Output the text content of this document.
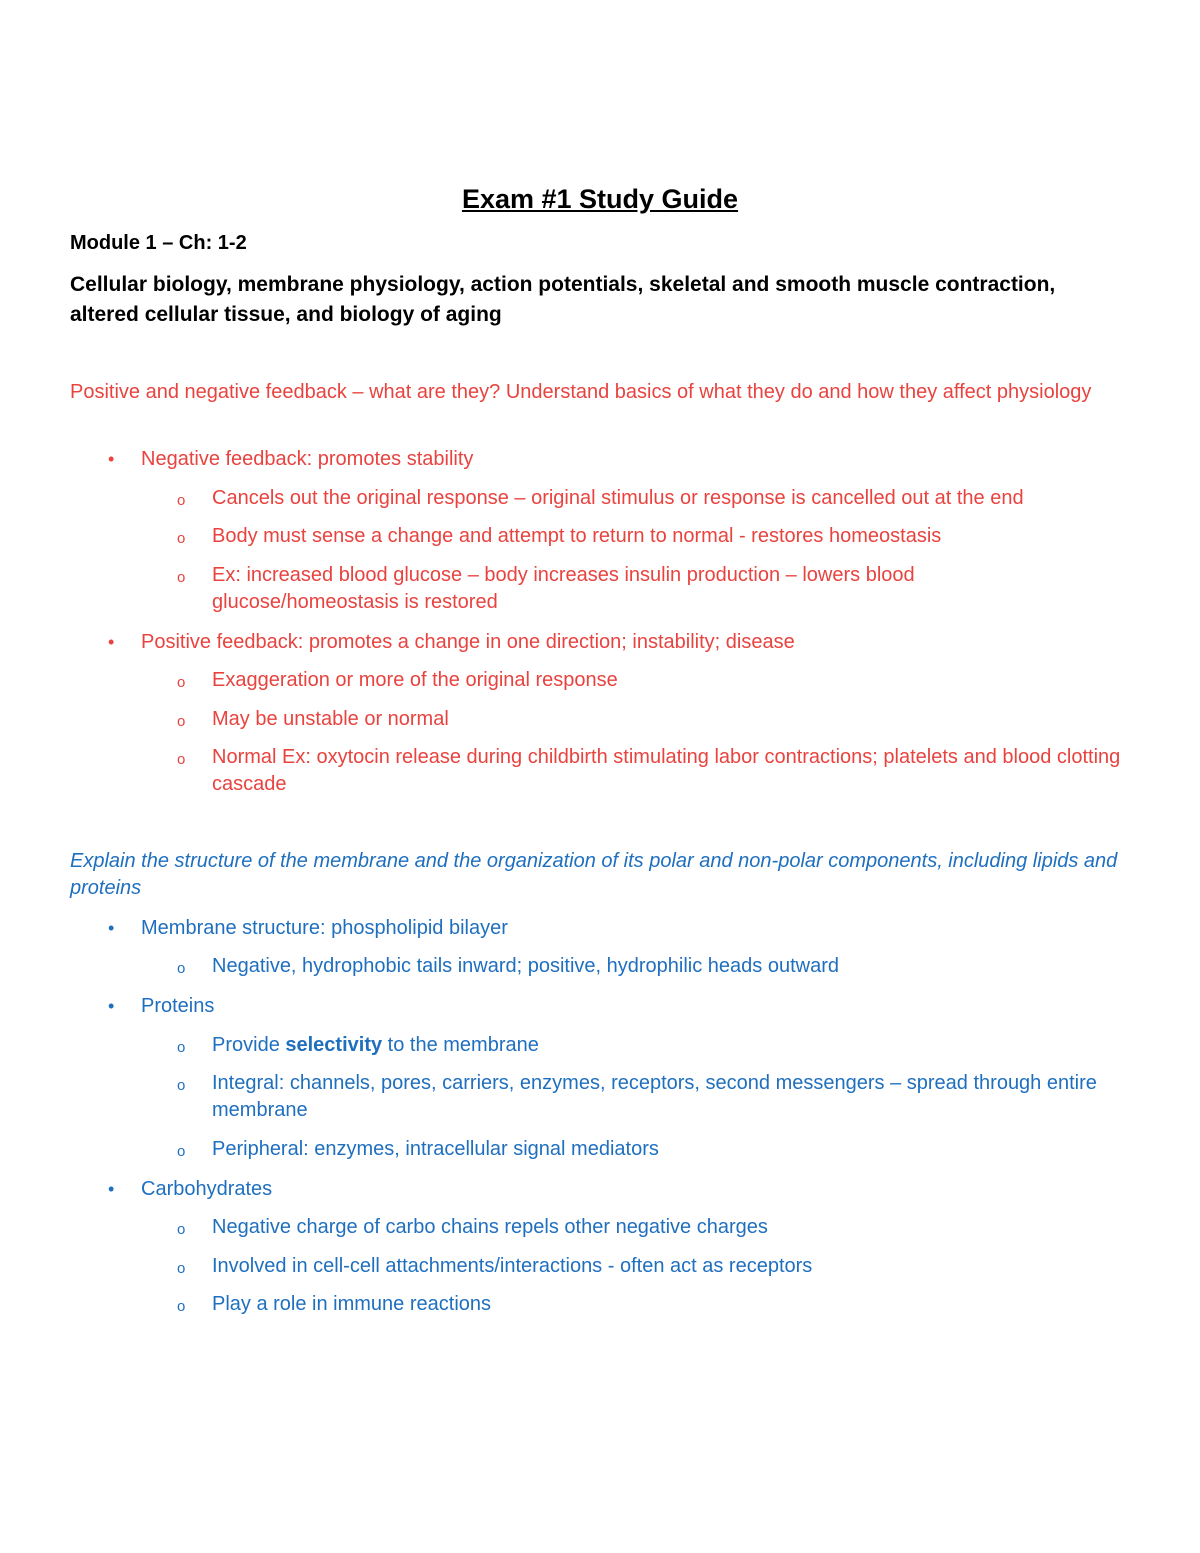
Exam #1 Study Guide
Module 1 – Ch: 1-2
Cellular biology, membrane physiology, action potentials, skeletal and smooth muscle contraction, altered cellular tissue, and biology of aging
Positive and negative feedback – what are they? Understand basics of what they do and how they affect physiology
• Negative feedback: promotes stability
o Cancels out the original response – original stimulus or response is cancelled out at the end
o Body must sense a change and attempt to return to normal - restores homeostasis
o Ex: increased blood glucose – body increases insulin production – lowers blood glucose/homeostasis is restored
• Positive feedback: promotes a change in one direction; instability; disease
o Exaggeration or more of the original response
o May be unstable or normal
o Normal Ex: oxytocin release during childbirth stimulating labor contractions; platelets and blood clotting cascade
Explain the structure of the membrane and the organization of its polar and non-polar components, including lipids and proteins
• Membrane structure: phospholipid bilayer
o Negative, hydrophobic tails inward; positive, hydrophilic heads outward
• Proteins
o Provide selectivity to the membrane
o Integral: channels, pores, carriers, enzymes, receptors, second messengers – spread through entire membrane
o Peripheral: enzymes, intracellular signal mediators
• Carbohydrates
o Negative charge of carbo chains repels other negative charges
o Involved in cell-cell attachments/interactions - often act as receptors
o Play a role in immune reactions
